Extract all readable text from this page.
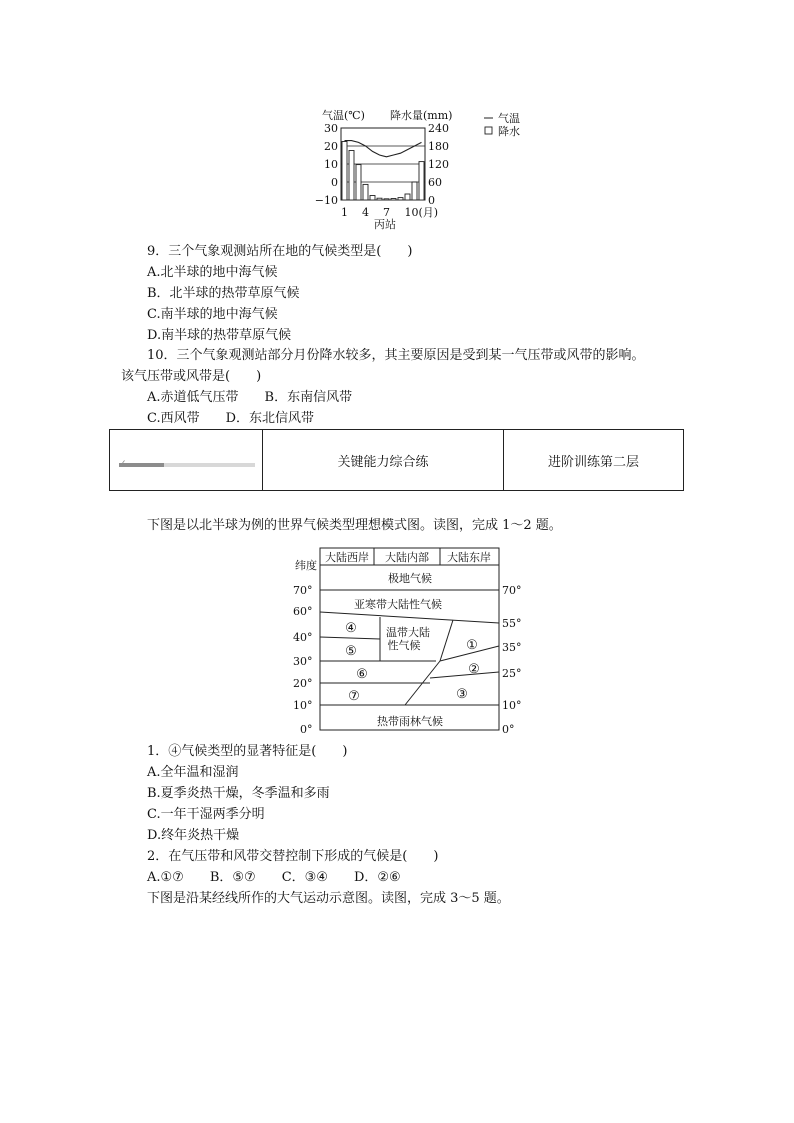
气温(℃) 降水量(mm)
30
20
10
0
−10
240
180
120
60
0
1 4 7 10(月)
丙站
气温
降水
9．三个气象观测站所在地的气候类型是(　　)
A.北半球的地中海气候
B．北半球的热带草原气候
C.南半球的地中海气候
D.南半球的热带草原气候
10．三个气象观测站部分月份降水较多，其主要原因是受到某一气压带或风带的影响。
该气压带或风带是(　　)
A.赤道低气压带　　B．东南信风带
C.西风带　　D．东北信风带
关键能力综合练	进阶训练第二层
下图是以北半球为例的世界气候类型理想模式图。读图，完成 1～2 题。
大陆西岸 大陆内部 大陆东岸
纬度
70°
60°
40°
30°
20°
10°
0°
70°
55°
35°
25°
10°
0°
极地气候
亚寒带大陆性气候
温带大陆
性气候
热带雨林气候
①
②
③
④
⑤
⑥
⑦
1．④气候类型的显著特征是(　　)
A.全年温和湿润
B.夏季炎热干燥，冬季温和多雨
C.一年干湿两季分明
D.终年炎热干燥
2．在气压带和风带交替控制下形成的气候是(　　)
A.①⑦　　B．⑤⑦　　C．③④　　D．②⑥
下图是沿某经线所作的大气运动示意图。读图，完成 3～5 题。
